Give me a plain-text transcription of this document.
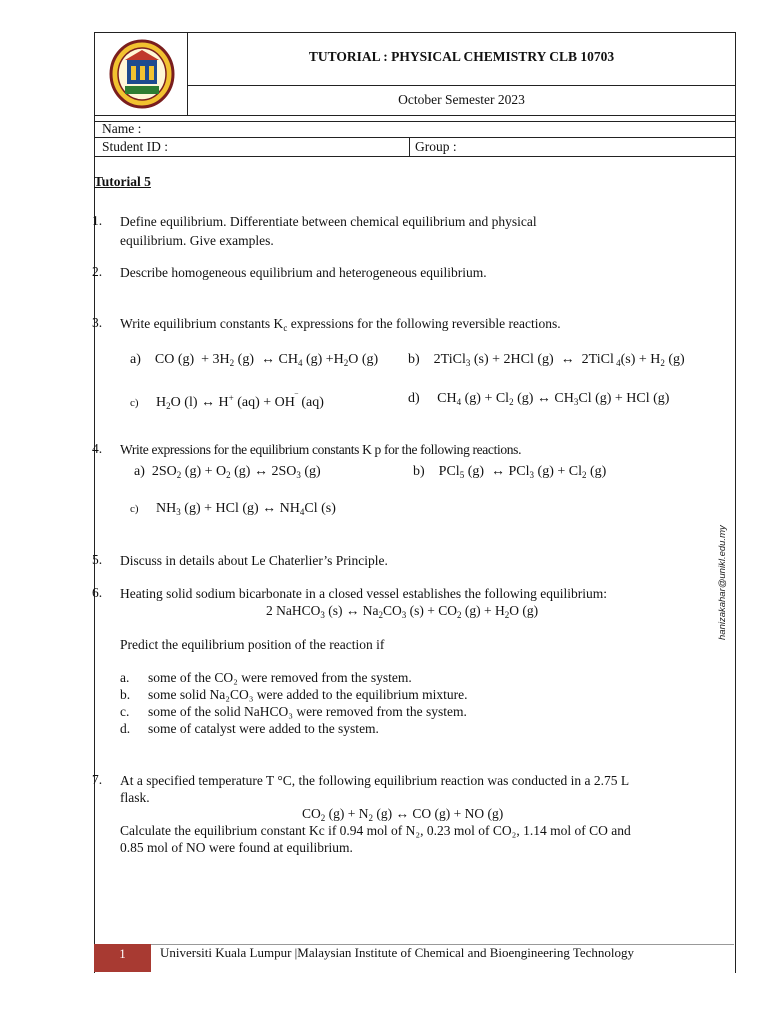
TUTORIAL : PHYSICAL CHEMISTRY CLB 10703
October Semester 2023
Name :
Student ID :	Group :
Tutorial 5
1. Define equilibrium. Differentiate between chemical equilibrium and physical
equilibrium. Give examples.
2. Describe homogeneous equilibrium and heterogeneous equilibrium.
3. Write equilibrium constants $K_c$ expressions for the following reversible reactions.
a)    CO $(g) + 3H_2$ (g)  ↔ $CH_4$ $(g) +H_2O$ (g) b)    2TiCl$_3$ (s) + 2HCl (g)  ↔  2TiCl $_4(s) + H_2$ (g)
c)     $H_2O$ (l) ↔ H+ (aq) + OH‾ (aq)	d)     $CH_4$ $(g) + Cl_2$ (g) ↔ $CH_3Cl$ (g) + HCl (g)
4. Write expressions for the equilibrium constants K p for the following reactions.
a)  $2SO_2$ $(g) + O_2$ (g) ↔ $2SO_3$ (g)	b)    PCl$_5$ (g)  ↔ PCl$_3$ $(g) + Cl_2$ (g)
c)     $NH_3$ (g) + HCl (g) ↔ $NH_4Cl$ (s)
5. Discuss in details about Le Chaterlier’s Principle.
6. Heating solid sodium bicarbonate in a closed vessel establishes the following equilibrium:
2 NaHCO$_3$ (s) ↔ $Na_2CO_3$ $(s) + CO_2$ $(g) + H_2O$ (g)
Predict the equilibrium position of the reaction if
a. some of the CO₂ were removed from the system.
b. some solid Na₂CO₃ were added to the equilibrium mixture.
c. some of the solid NaHCO₃ were removed from the system.
d. some of catalyst were added to the system.
7. At a specified temperature T °C, the following equilibrium reaction was conducted in a 2.75 L
flask.
$CO_2$ $(g) + N_2$ (g) ↔ CO (g) + NO (g)
Calculate the equilibrium constant Kc if 0.94 mol of N₂, 0.23 mol of CO₂, 1.14 mol of CO and
0.85 mol of NO were found at equilibrium.
hanizakahar@unikl.edu.my
1	Universiti Kuala Lumpur |Malaysian Institute of Chemical and Bioengineering Technology
